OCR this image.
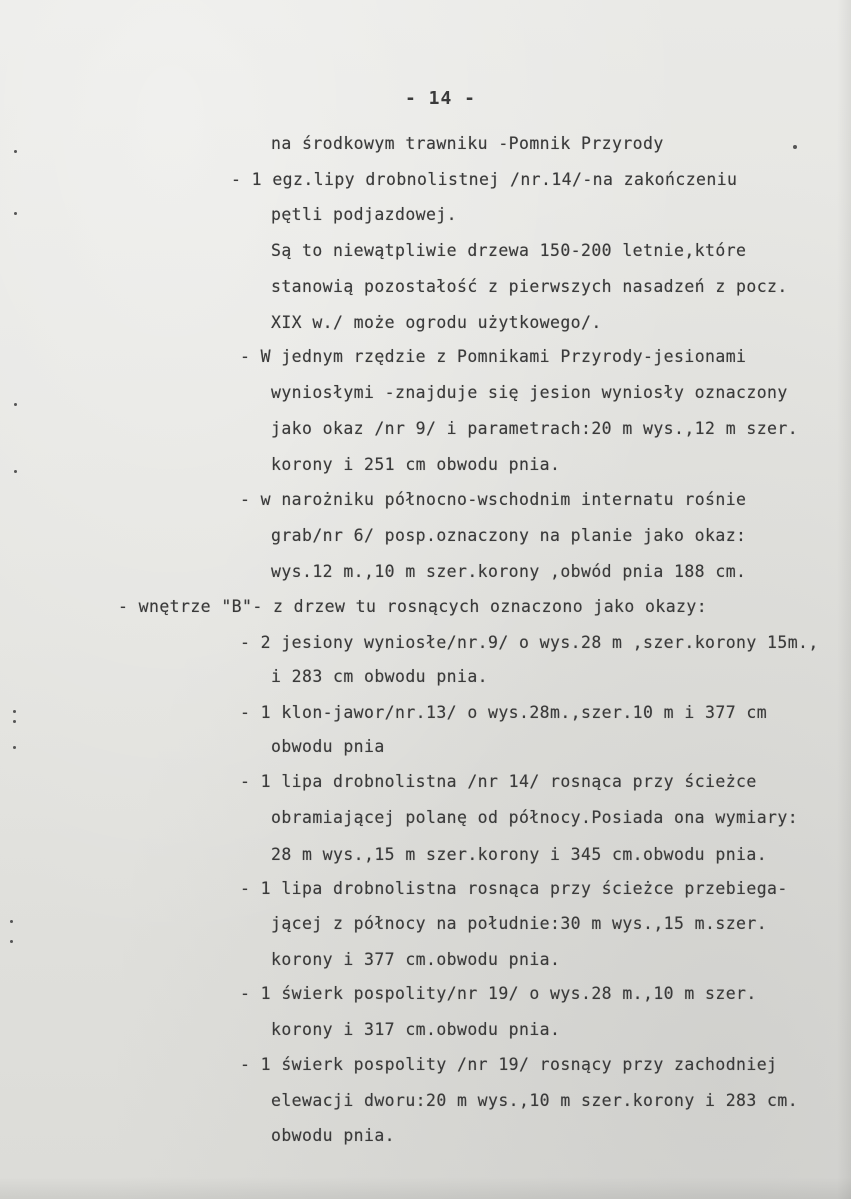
- 14 -
na środkowym trawniku -Pomnik Przyrody
- 1 egz.lipy drobnolistnej /nr.14/-na zakończeniu
pętli podjazdowej.
Są to niewątpliwie drzewa 150-200 letnie,które
stanowią pozostałość z pierwszych nasadzeń z pocz.
XIX w./ może ogrodu użytkowego/.
- W jednym rzędzie z Pomnikami Przyrody-jesionami
wyniosłymi -znajduje się jesion wyniosły oznaczony
jako okaz /nr 9/ i parametrach:20 m wys.,12 m szer.
korony i 251 cm obwodu pnia.
- w narożniku północno-wschodnim internatu rośnie
grab/nr 6/ posp.oznaczony na planie jako okaz:
wys.12 m.,10 m szer.korony ,obwód pnia 188 cm.
- wnętrze "B"- z drzew tu rosnących oznaczono jako okazy:
- 2 jesiony wyniosłe/nr.9/ o wys.28 m ,szer.korony 15m.,
i 283 cm obwodu pnia.
- 1 klon-jawor/nr.13/ o wys.28m.,szer.10 m i 377 cm
obwodu pnia
- 1 lipa drobnolistna /nr 14/ rosnąca przy ścieżce
obramiającej polanę od północy.Posiada ona wymiary:
28 m wys.,15 m szer.korony i 345 cm.obwodu pnia.
- 1 lipa drobnolistna rosnąca przy ścieżce przebiega-
jącej z północy na południe:30 m wys.,15 m.szer.
korony i 377 cm.obwodu pnia.
- 1 świerk pospolity/nr 19/ o wys.28 m.,10 m szer.
korony i 317 cm.obwodu pnia.
- 1 świerk pospolity /nr 19/ rosnący przy zachodniej
elewacji dworu:20 m wys.,10 m szer.korony i 283 cm.
obwodu pnia.
